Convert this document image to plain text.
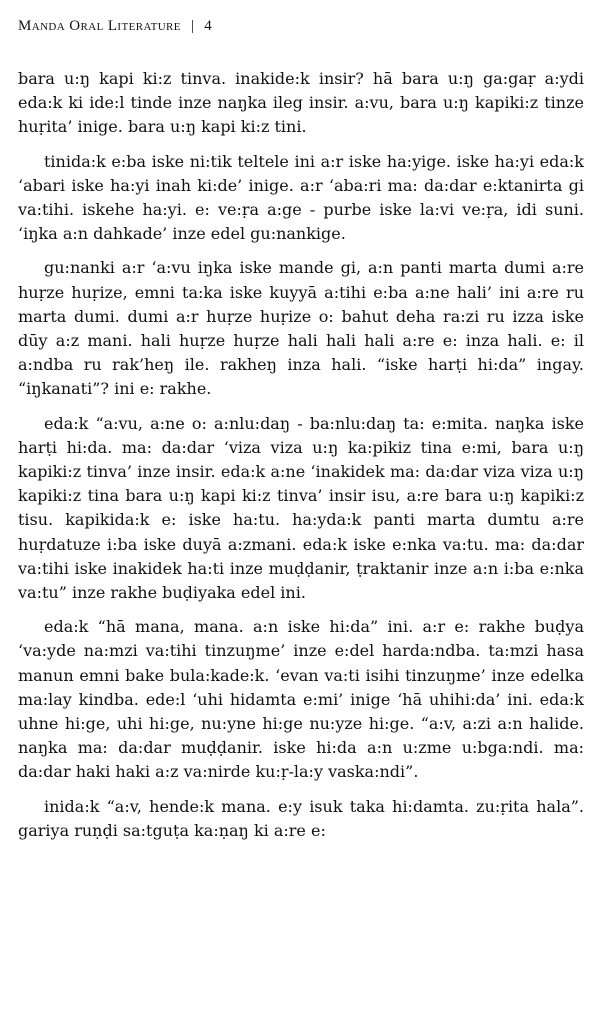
Manda Oral Literature | 4

bara u:ŋ kapi ki:z tinva. inakide:k insir? hā bara u:ŋ ga:gaṛ a:ydi eda:k ki ide:l tinde inze naŋka ileg insir. a:vu, bara u:ŋ kapiki:z tinze huṛita’ inige. bara u:ŋ kapi ki:z tini.

tinida:k e:ba iske ni:tik teltele ini a:r iske ha:yige. iske ha:yi eda:k ‘abari iske ha:yi inah ki:de’ inige. a:r ‘aba:ri ma: da:dar e:ktanirta gi va:tihi. iskehe ha:yi. e: ve:ṛa a:ge - purbe iske la:vi ve:ṛa, idi suni. ‘iŋka a:n dahkade’ inze edel gu:nankige.

gu:nanki a:r ‘a:vu iŋka iske mande gi, a:n panti marta dumi a:re huṛze huṛize, emni ta:ka iske kuyyā a:tihi e:ba a:ne hali’ ini a:re ru marta dumi. dumi a:r huṛze huṛize o: bahut deha ra:zi ru izza iske dūy a:z mani. hali huṛze huṛze hali hali hali a:re e: inza hali. e: il a:ndba ru rak’heŋ ile. rakheŋ inza hali. “iske harṭi hi:da” ingay. “iŋkanati”? ini e: rakhe.

eda:k “a:vu, a:ne o: a:nlu:daŋ - ba:nlu:daŋ ta: e:mita. naŋka iske harṭi hi:da. ma: da:dar ‘viza viza u:ŋ ka:pikiz tina e:mi, bara u:ŋ kapiki:z tinva’ inze insir. eda:k a:ne ‘inakidek ma: da:dar viza viza u:ŋ kapiki:z tina bara u:ŋ kapi ki:z tinva’ insir isu, a:re bara u:ŋ kapiki:z tisu. kapikida:k e: iske ha:tu. ha:yda:k panti marta dumtu a:re huṛdatuze i:ba iske duyā a:zmani. eda:k iske e:nka va:tu. ma: da:dar va:tihi iske inakidek ha:ti inze muḍḍanir, ṭraktanir inze a:n i:ba e:nka va:tu” inze rakhe buḍiyaka edel ini.

eda:k “hā mana, mana. a:n iske hi:da” ini. a:r e: rakhe buḍya ‘va:yde na:mzi va:tihi tinzuŋme’ inze e:del harda:ndba. ta:mzi hasa manun emni bake bula:kade:k. ‘evan va:ti isihi tinzuŋme’ inze edelka ma:lay kindba. ede:l ‘uhi hidamta e:mi’ inige ‘hā uhihi:da’ ini. eda:k uhne hi:ge, uhi hi:ge, nu:yne hi:ge nu:yze hi:ge. “a:v, a:zi a:n halide. naŋka ma: da:dar muḍḍanir. iske hi:da a:n u:zme u:bga:ndi. ma: da:dar haki haki a:z va:nirde ku:ṛ-la:y vaska:ndi”.

inida:k “a:v, hende:k mana. e:y isuk taka hi:damta. zu:ṛita hala”. gariya ruṇḍi sa:tguṭa ka:ṇaŋ ki a:re e:
